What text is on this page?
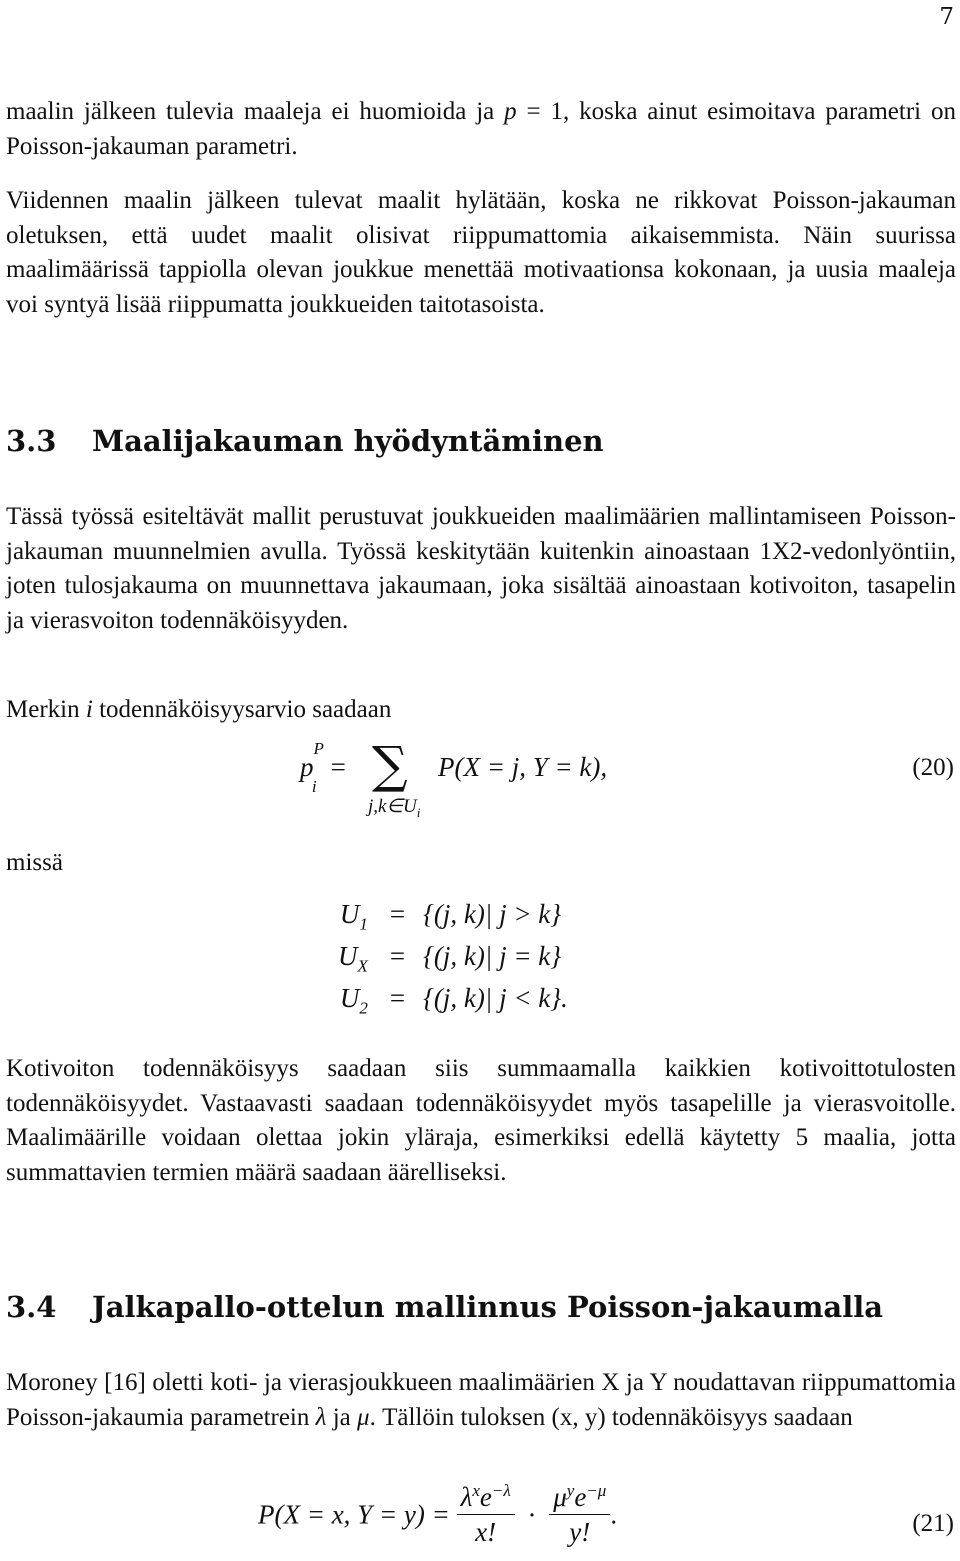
7

maalin jälkeen tulevia maaleja ei huomioida ja p = 1, koska ainut esimoitava parametri on Poisson-jakauman parametri.

Viidennen maalin jälkeen tulevat maalit hylätään, koska ne rikkovat Poisson-jakauman oletuksen, että uudet maalit olisivat riippumattomia aikaisemmista. Näin suurissa maalimäärissä tappiolla olevan joukkue menettää motivaationsa kokonaan, ja uusia maaleja voi syntyä lisää riippumatta joukkueiden taitotasoista.

3.3 Maalijakauman hyödyntäminen

Tässä työssä esiteltävät mallit perustuvat joukkueiden maalimäärien mallintamiseen Poisson-jakauman muunnelmien avulla. Työssä keskitytään kuitenkin ainoastaan 1X2-vedonlyöntiin, joten tulosjakauma on muunnettava jakaumaan, joka sisältää ainoastaan kotivoiton, tasapelin ja vierasvoiton todennäköisyyden.

Merkin i todennäköisyysarvio saadaan

$p^P_i=$ ∑
$j,k\in U_i$
P(X = j, Y = k),	(20)

missä

$U_1$	=	{(j, k)| j > k}
$U_X$	=	{(j, k)| j = k}
$U_2$	=	{(j, k)| j < k}.

Kotivoiton todennäköisyys saadaan siis summaamalla kaikkien kotivoittotulosten todennäköisyydet. Vastaavasti saadaan todennäköisyydet myös tasapelille ja vierasvoitolle. Maalimäärille voidaan olettaa jokin yläraja, esimerkiksi edellä käytetty 5 maalia, jotta summattavien termien määrä saadaan äärelliseksi.

3.4 Jalkapallo-ottelun mallinnus Poisson-jakaumalla

Moroney [16] oletti koti- ja vierasjoukkueen maalimäärien X ja Y noudattavan riippumattomia Poisson-jakaumia parametrein λ ja μ. Tällöin tuloksen (x, y) todennäköisyys saadaan

P(X = x, $Y = y) = \frac{\lambda^xe^{-\lambda}}{x!} \cdot \frac{\mu^ye^{-\mu}}{y!}$ .	(21)
